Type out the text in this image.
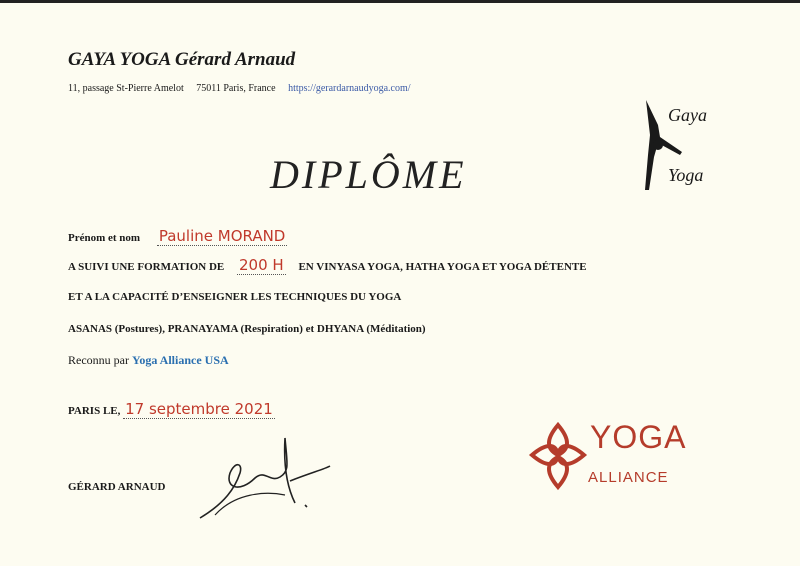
GAYA YOGA Gérard Arnaud
11, passage St-Pierre Amelot 75011 Paris, France https://gerardarnaudyoga.com/
Gaya
Yoga
DIPLÔME
Prénom et nom Pauline MORAND
A SUIVI UNE FORMATION DE 200 H EN VINYASA YOGA, HATHA YOGA ET YOGA DÉTENTE
ET A LA CAPACITÉ D’ENSEIGNER LES TECHNIQUES DU YOGA
ASANAS (Postures), PRANAYAMA (Respiration) et DHYANA (Méditation)
Reconnu par Yoga Alliance USA
PARIS LE, 17 septembre 2021
GÉRARD ARNAUD
YOGA
ALLIANCE
